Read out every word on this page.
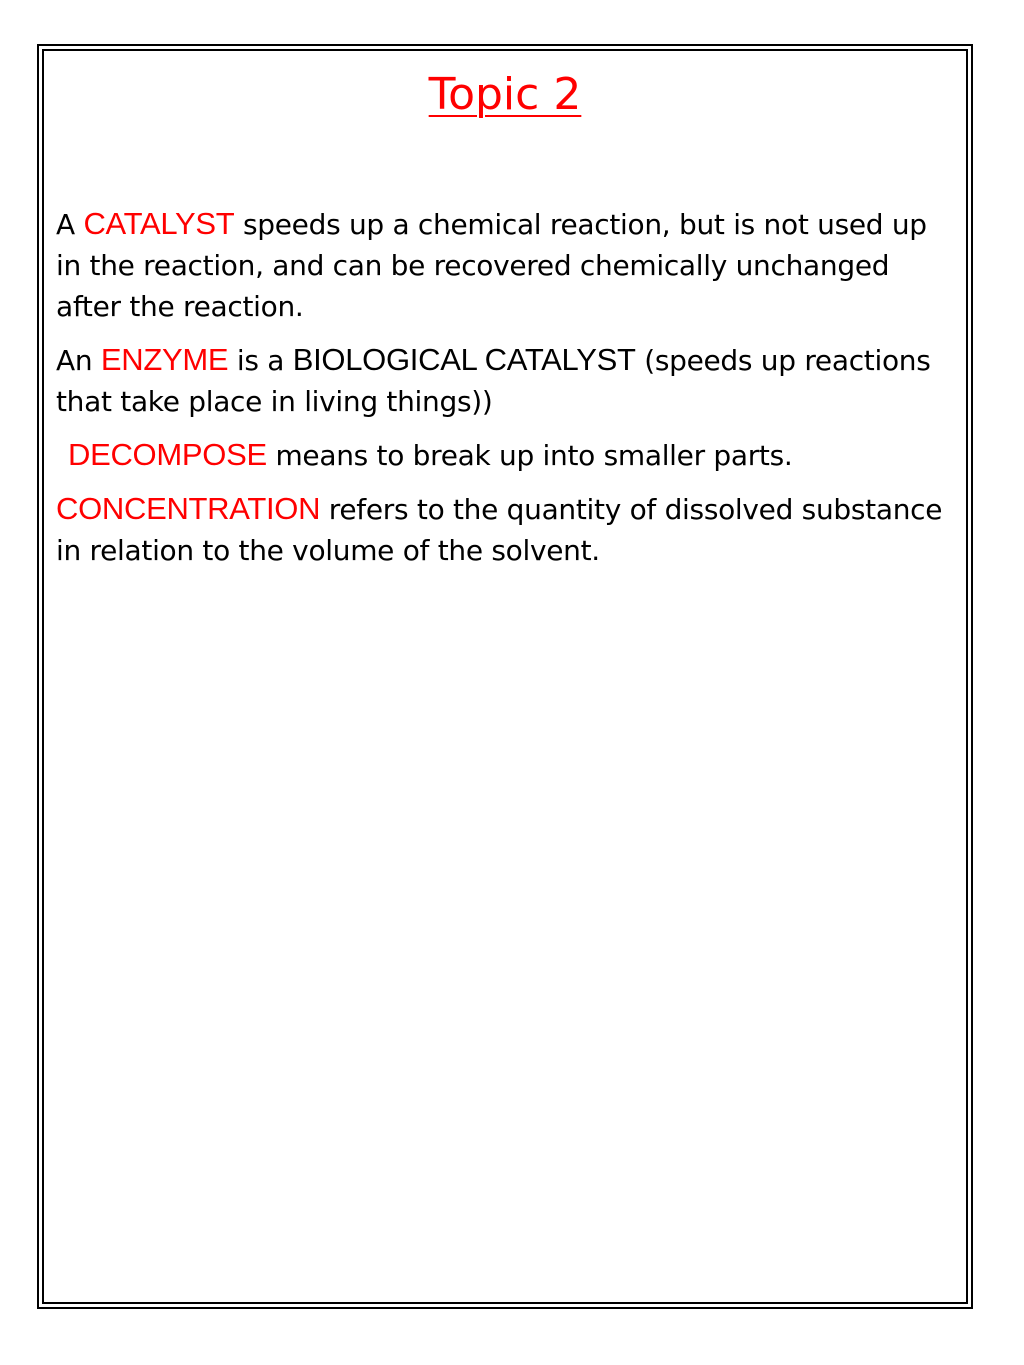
Topic 2

A CATALYST speeds up a chemical reaction, but is not used up in the reaction, and can be recovered chemically unchanged after the reaction.

An ENZYME is a BIOLOGICAL CATALYST (speeds up reactions that take place in living things))

DECOMPOSE means to break up into smaller parts.

CONCENTRATION refers to the quantity of dissolved substance in relation to the volume of the solvent.
